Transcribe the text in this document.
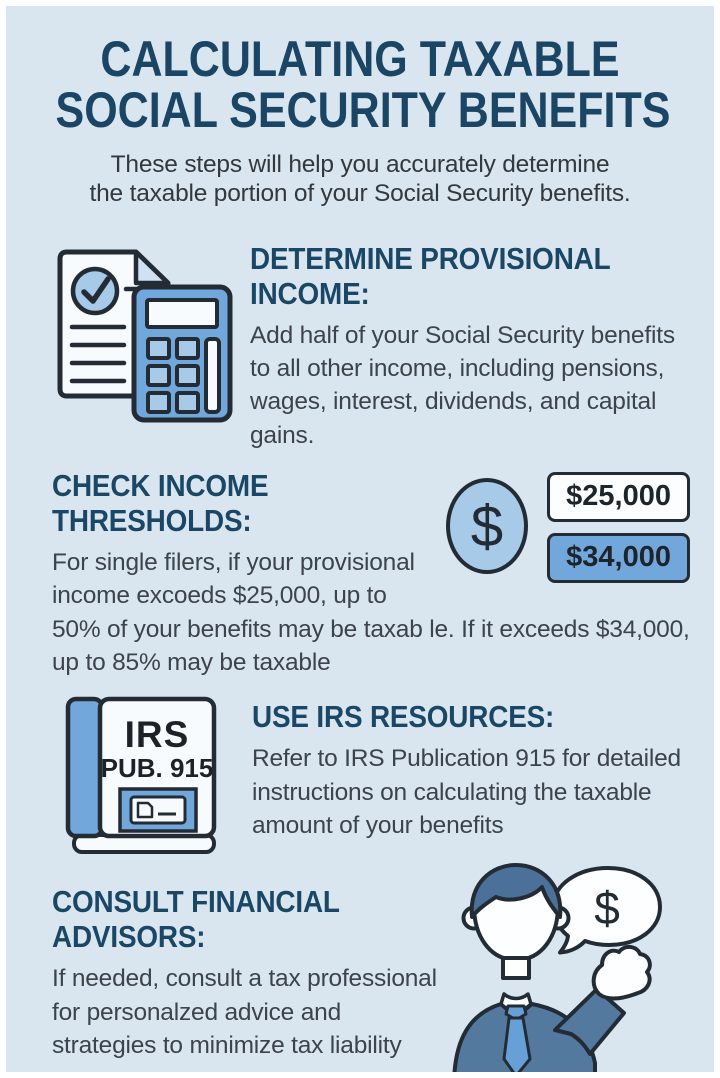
CALCULATING TAXABLE
SOCIAL SECURITY BENEFITS

These steps will help you accurately determine
the taxable portion of your Social Security benefits.

DETERMINE PROVISIONAL INCOME:

Add half of your Social Security benefits to all other income, including pensions, wages, interest, dividends, and capital gains.

$	$25,000
$34,000
CHECK INCOME THRESHOLDS:

For single filers, if your provisional income excoeds $25,000, up to 50% of your benefits may be taxab le. If it exceeds $34,000, up to 85% may be taxable

IRS
PUB. 915
USE IRS RESOURCES:

Refer to IRS Publication 915 for detailed instructions on calculating the taxable amount of your benefits

CONSULT FINANCIAL ADVISORS:

If needed, consult a tax professional for personalzed advice and strategies to minimize tax liability

$
